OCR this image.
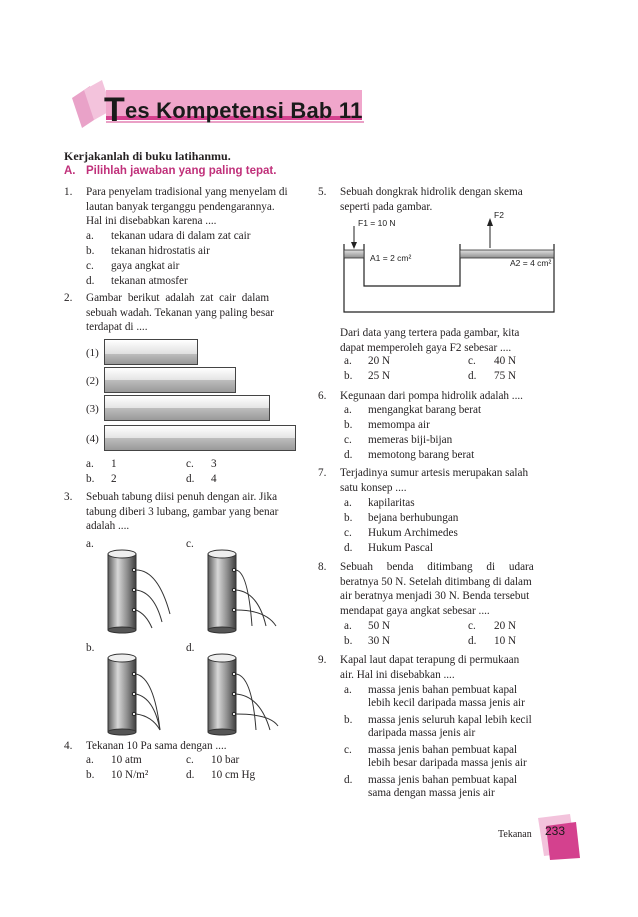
Tes Kompetensi Bab 11
Kerjakanlah di buku latihanmu.
A. Pilihlah jawaban yang paling tepat.
1. Para penyelam tradisional yang menyelam di
lautan banyak terganggu pendengarannya.
Hal ini disebabkan karena ....
a. tekanan udara di dalam zat cair
b. tekanan hidrostatis air
c. gaya angkat air
d. tekanan atmosfer
2. Gambar berikut adalah zat cair dalam
sebuah wadah. Tekanan yang paling besar
terdapat di ....
(1)
(2)
(3)
(4)
a. 1	c. 3
b. 2	d. 4
3. Sebuah tabung diisi penuh dengan air. Jika
tabung diberi 3 lubang, gambar yang benar
adalah ....
a.	c.
b.	d.
4. Tekanan 10 Pa sama dengan ....
a. 10 atm	c. 10 bar
b. 10 N/m²	d. 10 cm Hg
5. Sebuah dongkrak hidrolik dengan skema
seperti pada gambar.
F1 = 10 N
F2
A1 = 2 cm²	A2 = 4 cm²
Dari data yang tertera pada gambar, kita
dapat memperoleh gaya F2 sebesar ....
a. 20 N	c. 40 N
b. 25 N	d. 75 N
6. Kegunaan dari pompa hidrolik adalah ....
a. mengangkat barang berat
b. memompa air
c. memeras biji-bijan
d. memotong barang berat
7. Terjadinya sumur artesis merupakan salah
satu konsep ....
a. kapilaritas
b. bejana berhubungan
c. Hukum Archimedes
d. Hukum Pascal
8. Sebuah benda ditimbang di udara
beratnya 50 N. Setelah ditimbang di dalam
air beratnya menjadi 30 N. Benda tersebut
mendapat gaya angkat sebesar ....
a. 50 N	c. 20 N
b. 30 N	d. 10 N
9. Kapal laut dapat terapung di permukaan
air. Hal ini disebabkan ....
a. massa jenis bahan pembuat kapal
lebih kecil daripada massa jenis air
b. massa jenis seluruh kapal lebih kecil
daripada massa jenis air
c. massa jenis bahan pembuat kapal
lebih besar daripada massa jenis air
d. massa jenis bahan pembuat kapal
sama dengan massa jenis air
Tekanan	233
